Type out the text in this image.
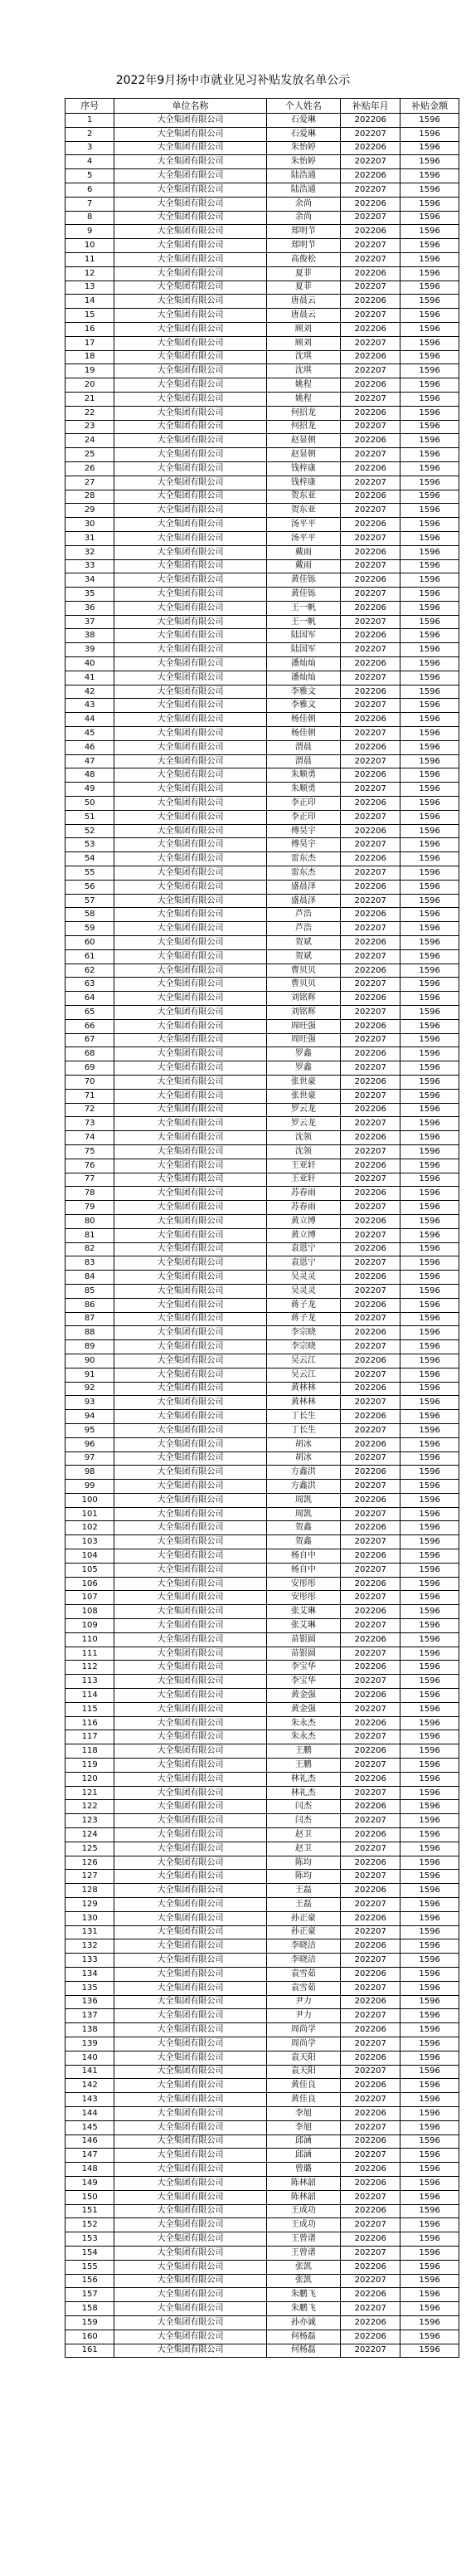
2022年9月扬中市就业见习补贴发放名单公示
序号	单位名称	个人姓名	补贴年月	补贴金额
1	大全集团有限公司	石爱琳	202206	1596
2	大全集团有限公司	石爱琳	202207	1596
3	大全集团有限公司	朱怡婷	202206	1596
4	大全集团有限公司	朱怡婷	202207	1596
5	大全集团有限公司	陆浩通	202206	1596
6	大全集团有限公司	陆浩通	202207	1596
7	大全集团有限公司	余尚	202206	1596
8	大全集团有限公司	余尚	202207	1596
9	大全集团有限公司	郑明节	202206	1596
10	大全集团有限公司	郑明节	202207	1596
11	大全集团有限公司	高俊松	202207	1596
12	大全集团有限公司	夏菲	202206	1596
13	大全集团有限公司	夏菲	202207	1596
14	大全集团有限公司	唐晨云	202206	1596
15	大全集团有限公司	唐晨云	202207	1596
16	大全集团有限公司	顾刘	202206	1596
17	大全集团有限公司	顾刘	202207	1596
18	大全集团有限公司	沈琪	202206	1596
19	大全集团有限公司	沈琪	202207	1596
20	大全集团有限公司	姚程	202206	1596
21	大全集团有限公司	姚程	202207	1596
22	大全集团有限公司	何招龙	202206	1596
23	大全集团有限公司	何招龙	202207	1596
24	大全集团有限公司	赵显朝	202206	1596
25	大全集团有限公司	赵显朝	202207	1596
26	大全集团有限公司	钱梓康	202206	1596
27	大全集团有限公司	钱梓康	202207	1596
28	大全集团有限公司	贺东亚	202206	1596
29	大全集团有限公司	贺东亚	202207	1596
30	大全集团有限公司	汤平平	202206	1596
31	大全集团有限公司	汤平平	202207	1596
32	大全集团有限公司	戴雨	202206	1596
33	大全集团有限公司	戴雨	202207	1596
34	大全集团有限公司	黄佳铄	202206	1596
35	大全集团有限公司	黄佳铄	202207	1596
36	大全集团有限公司	王一帆	202206	1596
37	大全集团有限公司	王一帆	202207	1596
38	大全集团有限公司	陆国军	202206	1596
39	大全集团有限公司	陆国军	202207	1596
40	大全集团有限公司	潘灿灿	202206	1596
41	大全集团有限公司	潘灿灿	202207	1596
42	大全集团有限公司	李雅文	202206	1596
43	大全集团有限公司	李雅文	202207	1596
44	大全集团有限公司	杨佳朝	202206	1596
45	大全集团有限公司	杨佳朝	202207	1596
46	大全集团有限公司	渭晨	202206	1596
47	大全集团有限公司	渭晨	202207	1596
48	大全集团有限公司	朱顺勇	202206	1596
49	大全集团有限公司	朱顺勇	202207	1596
50	大全集团有限公司	李正印	202206	1596
51	大全集团有限公司	李正印	202207	1596
52	大全集团有限公司	傅昊宇	202206	1596
53	大全集团有限公司	傅昊宇	202207	1596
54	大全集团有限公司	雷东杰	202206	1596
55	大全集团有限公司	雷东杰	202207	1596
56	大全集团有限公司	盛晨泽	202206	1596
57	大全集团有限公司	盛晨泽	202207	1596
58	大全集团有限公司	芦浩	202206	1596
59	大全集团有限公司	芦浩	202207	1596
60	大全集团有限公司	贺斌	202206	1596
61	大全集团有限公司	贺斌	202207	1596
62	大全集团有限公司	曹贝贝	202206	1596
63	大全集团有限公司	曹贝贝	202207	1596
64	大全集团有限公司	刘铭辉	202206	1596
65	大全集团有限公司	刘铭辉	202207	1596
66	大全集团有限公司	周旺强	202206	1596
67	大全集团有限公司	周旺强	202207	1596
68	大全集团有限公司	罗鑫	202206	1596
69	大全集团有限公司	罗鑫	202207	1596
70	大全集团有限公司	张世豪	202206	1596
71	大全集团有限公司	张世豪	202207	1596
72	大全集团有限公司	罗云龙	202206	1596
73	大全集团有限公司	罗云龙	202207	1596
74	大全集团有限公司	沈领	202206	1596
75	大全集团有限公司	沈领	202207	1596
76	大全集团有限公司	王亚轩	202206	1596
77	大全集团有限公司	王亚轩	202207	1596
78	大全集团有限公司	苏春雨	202206	1596
79	大全集团有限公司	苏春雨	202207	1596
80	大全集团有限公司	黄立博	202206	1596
81	大全集团有限公司	黄立博	202207	1596
82	大全集团有限公司	袁恩宁	202206	1596
83	大全集团有限公司	袁恩宁	202207	1596
84	大全集团有限公司	吴灵灵	202206	1596
85	大全集团有限公司	吴灵灵	202207	1596
86	大全集团有限公司	蒋子龙	202206	1596
87	大全集团有限公司	蒋子龙	202207	1596
88	大全集团有限公司	李宗晓	202206	1596
89	大全集团有限公司	李宗晓	202207	1596
90	大全集团有限公司	吴云江	202206	1596
91	大全集团有限公司	吴云江	202207	1596
92	大全集团有限公司	黄林林	202206	1596
93	大全集团有限公司	黄林林	202207	1596
94	大全集团有限公司	丁长生	202206	1596
95	大全集团有限公司	丁长生	202207	1596
96	大全集团有限公司	胡冰	202206	1596
97	大全集团有限公司	胡冰	202207	1596
98	大全集团有限公司	方鑫洪	202206	1596
99	大全集团有限公司	方鑫洪	202207	1596
100	大全集团有限公司	周凯	202206	1596
101	大全集团有限公司	周凯	202207	1596
102	大全集团有限公司	贺鑫	202206	1596
103	大全集团有限公司	贺鑫	202207	1596
104	大全集团有限公司	杨自中	202206	1596
105	大全集团有限公司	杨自中	202207	1596
106	大全集团有限公司	安彤彤	202206	1596
107	大全集团有限公司	安彤彤	202207	1596
108	大全集团有限公司	张艾琳	202206	1596
109	大全集团有限公司	张艾琳	202207	1596
110	大全集团有限公司	苗银圆	202206	1596
111	大全集团有限公司	苗银圆	202207	1596
112	大全集团有限公司	李宝华	202206	1596
113	大全集团有限公司	李宝华	202207	1596
114	大全集团有限公司	黄金强	202206	1596
115	大全集团有限公司	黄金强	202207	1596
116	大全集团有限公司	朱永杰	202206	1596
117	大全集团有限公司	朱永杰	202207	1596
118	大全集团有限公司	王鹏	202206	1596
119	大全集团有限公司	王鹏	202207	1596
120	大全集团有限公司	林礼杰	202206	1596
121	大全集团有限公司	林礼杰	202207	1596
122	大全集团有限公司	闫杰	202206	1596
123	大全集团有限公司	闫杰	202207	1596
124	大全集团有限公司	赵卫	202206	1596
125	大全集团有限公司	赵卫	202207	1596
126	大全集团有限公司	陈均	202206	1596
127	大全集团有限公司	陈均	202207	1596
128	大全集团有限公司	王磊	202206	1596
129	大全集团有限公司	王磊	202207	1596
130	大全集团有限公司	孙正豪	202206	1596
131	大全集团有限公司	孙正豪	202207	1596
132	大全集团有限公司	李晓洁	202206	1596
133	大全集团有限公司	李晓洁	202207	1596
134	大全集团有限公司	袁雪茹	202206	1596
135	大全集团有限公司	袁雪茹	202207	1596
136	大全集团有限公司	尹力	202206	1596
137	大全集团有限公司	尹力	202207	1596
138	大全集团有限公司	周尚学	202206	1596
139	大全集团有限公司	周尚学	202207	1596
140	大全集团有限公司	袁天阳	202206	1596
141	大全集团有限公司	袁天阳	202207	1596
142	大全集团有限公司	黄佳良	202206	1596
143	大全集团有限公司	黄佳良	202207	1596
144	大全集团有限公司	李旭	202206	1596
145	大全集团有限公司	李旭	202207	1596
146	大全集团有限公司	邱涵	202206	1596
147	大全集团有限公司	邱涵	202207	1596
148	大全集团有限公司	曾璐	202206	1596
149	大全集团有限公司	陈林韶	202206	1596
150	大全集团有限公司	陈林韶	202207	1596
151	大全集团有限公司	王成功	202206	1596
152	大全集团有限公司	王成功	202207	1596
153	大全集团有限公司	王曾谱	202206	1596
154	大全集团有限公司	王曾谱	202207	1596
155	大全集团有限公司	张凯	202206	1596
156	大全集团有限公司	张凯	202207	1596
157	大全集团有限公司	朱鹏飞	202206	1596
158	大全集团有限公司	朱鹏飞	202207	1596
159	大全集团有限公司	孙亦诚	202206	1596
160	大全集团有限公司	何杨磊	202206	1596
161	大全集团有限公司	何杨磊	202207	1596
